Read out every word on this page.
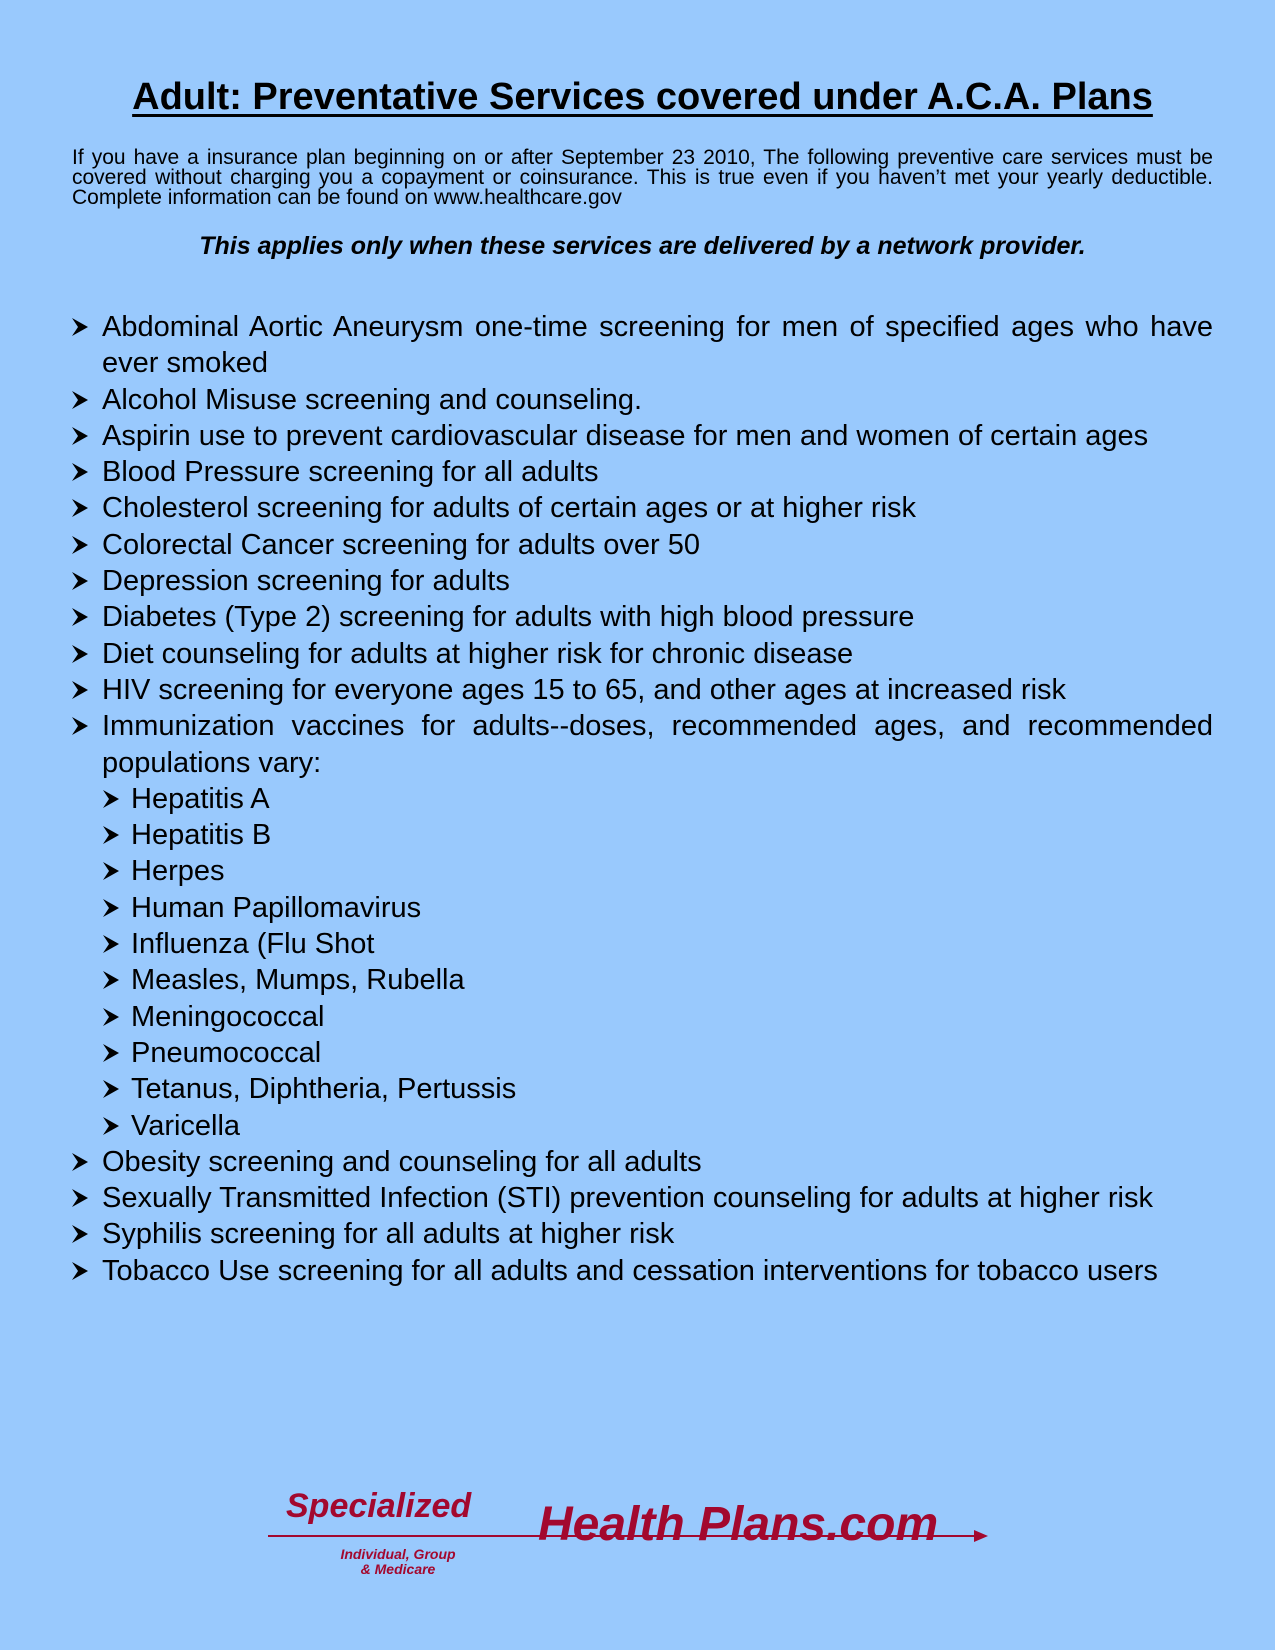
Adult: Preventative Services covered under A.C.A. Plans

If you have a insurance plan beginning on or after September 23 2010, The following preventive care services must be covered without charging you a copayment or coinsurance. This is true even if you haven’t met your yearly deductible. Complete information can be found on www.healthcare.gov

This applies only when these services are delivered by a network provider.

Abdominal Aortic Aneurysm one-time screening for men of specified ages who have ever smoked
Alcohol Misuse screening and counseling.
Aspirin use to prevent cardiovascular disease for men and women of certain ages
Blood Pressure screening for all adults
Cholesterol screening for adults of certain ages or at higher risk
Colorectal Cancer screening for adults over 50
Depression screening for adults
Diabetes (Type 2) screening for adults with high blood pressure
Diet counseling for adults at higher risk for chronic disease
HIV screening for everyone ages 15 to 65, and other ages at increased risk
Immunization vaccines for adults--doses, recommended ages, and recommended populations vary:
Hepatitis A
Hepatitis B
Herpes
Human Papillomavirus
Influenza (Flu Shot
Measles, Mumps, Rubella
Meningococcal
Pneumococcal
Tetanus, Diphtheria, Pertussis
Varicella
Obesity screening and counseling for all adults
Sexually Transmitted Infection (STI) prevention counseling for adults at higher risk
Syphilis screening for all adults at higher risk
Tobacco Use screening for all adults and cessation interventions for tobacco users
Specialized Health Plans.com
Individual, Group
& Medicare
